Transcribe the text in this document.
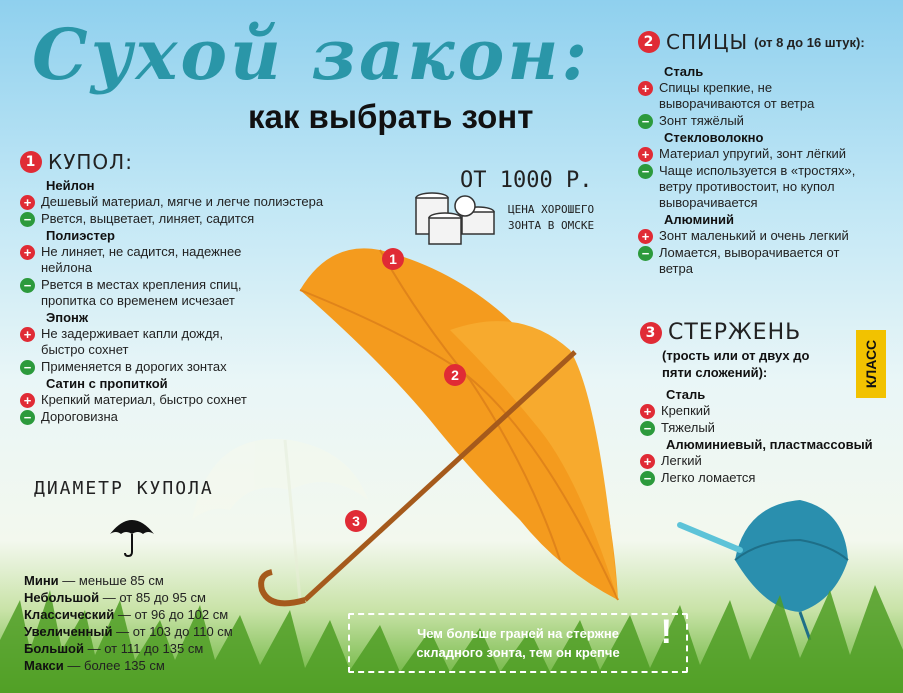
Сухой закон:
как выбрать зонт
1 КУПОЛ:
Нейлон
+ Дешевый материал, мягче и легче полиэстера
− Рвется, выцветает, линяет, садится
Полиэстер
+ Не линяет, не садится, надежнее нейлона
− Рвется в местах крепления спиц, пропитка со временем исчезает
Эпонж
+ Не задерживает капли дождя, быстро сохнет
− Применяется в дорогих зонтах
Сатин с пропиткой
+ Крепкий материал, быстро сохнет
− Дороговизна
2 СПИЦЫ (от 8 до 16 штук):
Сталь
+ Спицы крепкие, не выворачиваются от ветра
− Зонт тяжёлый
Стекловолокно
+ Материал упругий, зонт лёгкий
− Чаще используется в «тростях», ветру противостоит, но купол выворачивается
Алюминий
+ Зонт маленький и очень легкий
− Ломается, выворачивается от ветра
3 СТЕРЖЕНЬ
(трость или от двух до пяти сложений):
Сталь
+ Крепкий
− Тяжелый
Алюминиевый, пластмассовый
+ Легкий
− Легко ломается
КЛАСС
ОТ 1000 Р.
ЦЕНА ХОРОШЕГО
ЗОНТА В ОМСКЕ
1
2
3
ДИАМЕТР КУПОЛА
Мини — меньше 85 см
Небольшой — от 85 до 95 см
Классический — от 96 до 102 см
Увеличенный — от 103 до 110 см
Большой — от 111 до 135 см
Макси — более 135 см
Чем больше граней на стержне складного зонта, тем он крепче
!
